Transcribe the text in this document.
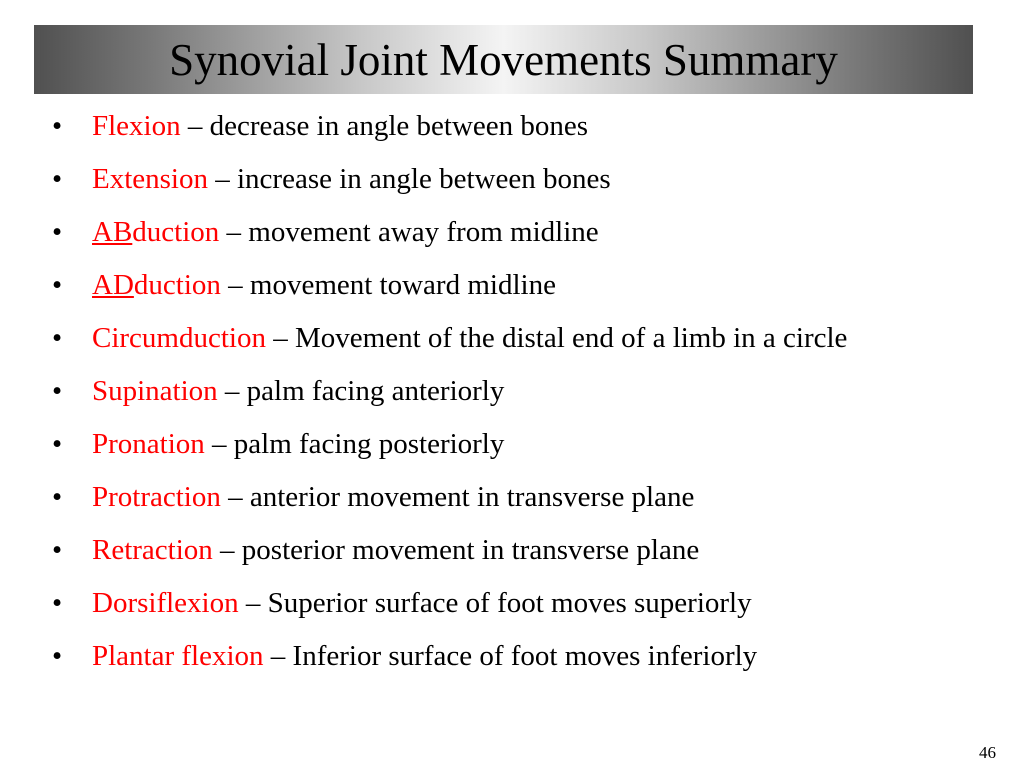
Synovial Joint Movements Summary
•	Flexion – decrease in angle between bones
•	Extension – increase in angle between bones
•	ABduction – movement away from midline
•	ADduction – movement toward midline
•	Circumduction – Movement of the distal end of a limb in a circle
•	Supination – palm facing anteriorly
•	Pronation – palm facing posteriorly
•	Protraction – anterior movement in transverse plane
•	Retraction – posterior movement in transverse plane
•	Dorsiflexion – Superior surface of foot moves superiorly
•	Plantar flexion – Inferior surface of foot moves inferiorly
46
